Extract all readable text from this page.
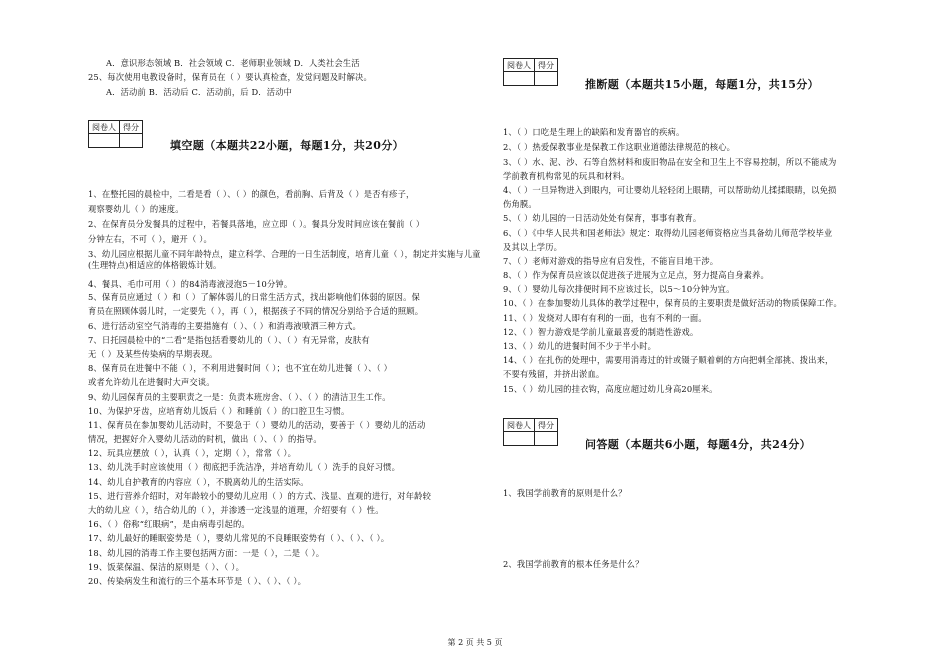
A．意识形态领域 B．社会领域 C．老师职业领域 D．人类社会生活
25、每次使用电教设备时，保育员在（ ）要认真检查，发觉问题及时解决。
A．活动前 B．活动后 C．活动前，后 D．活动中
阅卷人	得分

填空题（本题共22小题，每题1分，共20分）
1、在整托园的晨检中，二看是看（ ）、（ ）的颜色，看前胸、后背及（ ）是否有疹子，
观察婴幼儿（ ）的速度。
2、在保育员分发餐具的过程中，若餐具落地，应立即（ ）。餐具分发时间应该在餐前（ ）
分钟左右，不可（ ），避开（ ）。
3、幼儿园应根据儿童不同年龄特点，建立科学、合理的一日生活制度，培育儿童（ ），制定并实施与儿童(生理特点)相适应的体格锻炼计划。
4、餐具、毛巾可用（ ）的84消毒液浸泡5－10分钟。
5、保育员应通过（ ）和（ ）了解体弱儿的日常生活方式，找出影响他们体弱的原因。保
育员在照顾体弱儿时，一定要先（ ），再（ ），根据孩子不同的情况分别给予合适的照顾。
6、进行活动室空气消毒的主要措施有（ ）、（ ）和消毒液喷洒三种方式。
7、日托园晨检中的“二看”是指包括看婴幼儿的（ ）、（ ）有无异常，皮肤有
无（ ）及某些传染病的早期表现。
8、保育员在进餐中不能（ ），不利用进餐时间（ ）；也不宜在幼儿进餐（ ）、（ ）
或者允许幼儿在进餐时大声交谈。
9、幼儿园保育员的主要职责之一是：负责本班房舍、（ ）、（ ）的清洁卫生工作。
10、为保护牙齿，应培育幼儿饭后（ ）和睡前（ ）的口腔卫生习惯。
11、保育员在参加婴幼儿活动时，不要急于（ ）婴幼儿的活动，要善于（ ）婴幼儿的活动
情况，把握好介入婴幼儿活动的时机，做出（ ）、（ ）的指导。
12、玩具应摆放（ ），认真（ ），定期（ ），常常（ ）。
13、幼儿洗手时应该使用（ ）彻底把手洗洁净，并培育幼儿（ ）洗手的良好习惯。
14、幼儿自护教育的内容应（ ），不脱离幼儿的生活实际。
15、进行营养介绍时，对年龄较小的婴幼儿应用（ ）的方式、浅显、直观的进行，对年龄较
大的幼儿应（ ），结合幼儿的（ ），并渗透一定浅显的道理，介绍要有（ ）性。
16、（ ）俗称“红眼病”，是由病毒引起的。
17、幼儿最好的睡眠姿势是（ ），婴幼儿常见的不良睡眠姿势有（ ）、（ ）、（ ）。
18、幼儿园的消毒工作主要包括两方面：一是（ ），二是（ ）。
19、饭菜保温、保洁的原则是（ ）、（ ）。
20、传染病发生和流行的三个基本环节是（ ）、（ ）、（ ）。
阅卷人	得分

推断题（本题共15小题，每题1分，共15分）
1、（ ）口吃是生理上的缺陷和发育器官的疾病。
2、（ ）热爱保教事业是保教工作这职业道德法律规范的核心。
3、（ ）水、泥、沙、石等自然材料和废旧物品在安全和卫生上不容易控制，所以不能成为
学前教育机构常见的玩具和材料。
4、（ ）一旦异物进入到眼内，可让婴幼儿轻轻闭上眼睛，可以帮助幼儿揉揉眼睛，以免损
伤角膜。
5、（ ）幼儿园的一日活动处处有保育，事事有教育。
6、（ ）《中华人民共和国老师法》规定：取得幼儿园老师资格应当具备幼儿师范学校毕业
及其以上学历。
7、（ ）老师对游戏的指导应有启发性，不能盲目地干涉。
8、（ ）作为保育员应该以促进孩子进展为立足点，努力提高自身素养。
9、（ ）婴幼儿每次排便时间不应该过长，以5～10分钟为宜。
10、（ ）在参加婴幼儿具体的教学过程中，保育员的主要职责是做好活动的物质保障工作。
11、（ ）发烧对人即有有利的一面，也有不利的一面。
12、（ ）智力游戏是学前儿童最喜爱的制造性游戏。
13、（ ）幼儿的进餐时间不少于半小时。
14、（ ）在扎伤的处理中，需要用消毒过的针或镊子顺着刺的方向把刺全部挑、拨出来，
不要有残留，并挤出淤血。
15、（ ）幼儿园的挂衣钩，高度应超过幼儿身高20厘米。
阅卷人	得分

问答题（本题共6小题，每题4分，共24分）
1、我国学前教育的原则是什么？
2、我国学前教育的根本任务是什么？
第 2 页 共 5 页
